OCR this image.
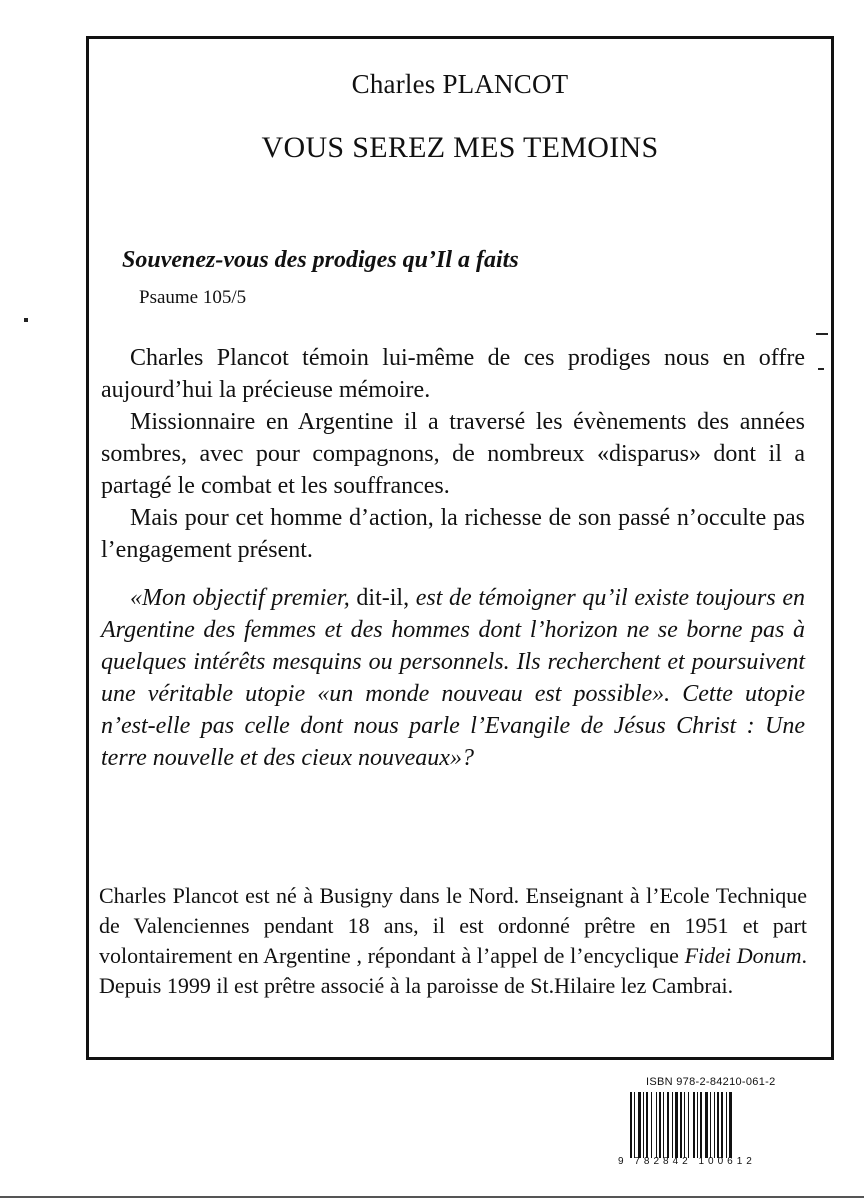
Charles PLANCOT
VOUS SEREZ MES TEMOINS
Souvenez-vous des prodiges qu’Il a faits
Psaume 105/5

Charles Plancot témoin lui-même de ces prodiges nous en offre aujourd’hui la précieuse mémoire.

Missionnaire en Argentine il a traversé les évènements des années sombres, avec pour compagnons, de nombreux «disparus» dont il a partagé le combat et les souffrances.

Mais pour cet homme d’action, la richesse de son passé n’occulte pas l’engagement présent.

«Mon objectif premier, dit-il, est de témoigner qu’il existe toujours en Argentine des femmes et des hommes dont l’horizon ne se borne pas à quelques intérêts mesquins ou personnels. Ils recherchent et poursuivent une véritable utopie «un monde nouveau est possible». Cette utopie n’est-elle pas celle dont nous parle l’Evangile de Jésus Christ : Une terre nouvelle et des cieux nouveaux»?

Charles Plancot est né à Busigny dans le Nord. Enseignant à l’Ecole Technique de Valenciennes pendant 18 ans, il est ordonné prêtre en 1951 et part volontairement en Argentine , répondant à l’appel de l’encyclique Fidei Donum. Depuis 1999 il est prêtre associé à la paroisse de St.Hilaire lez Cambrai.

ISBN 978-2-84210-061-2
9 782842 100612
